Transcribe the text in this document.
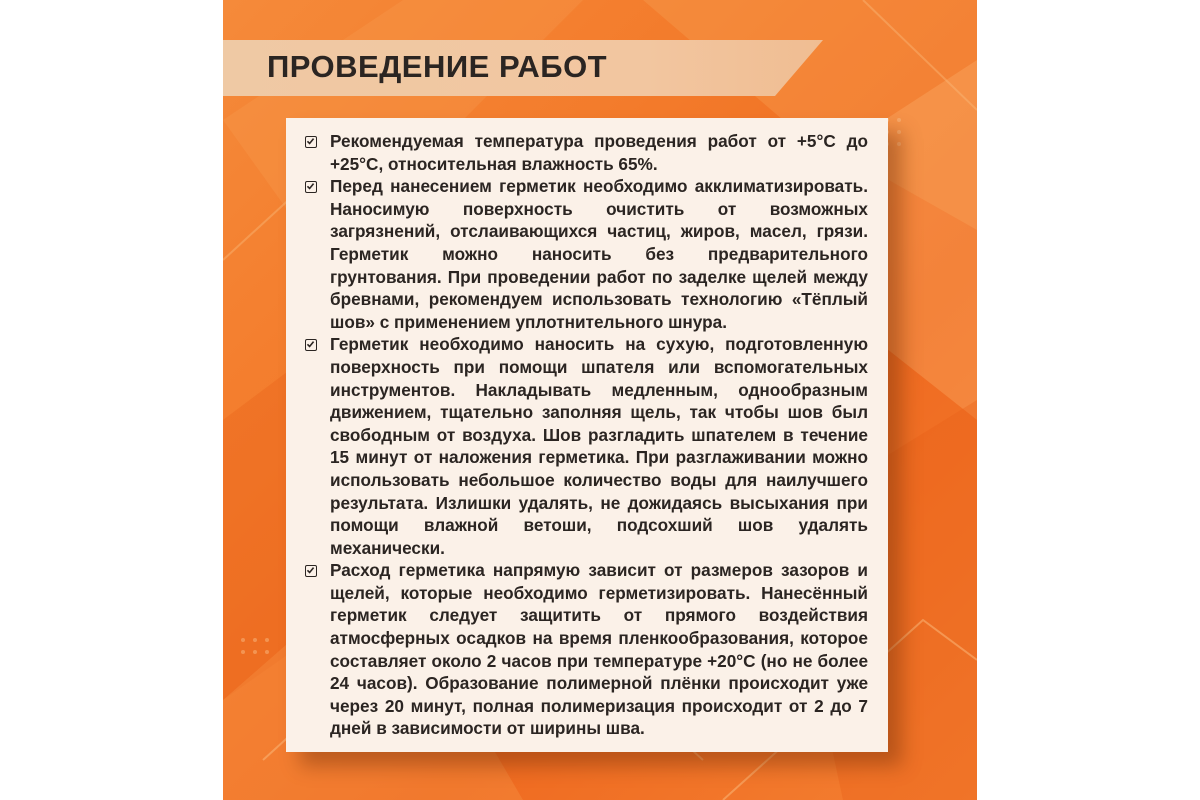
ПРОВЕДЕНИЕ РАБОТ
Рекомендуемая температура проведения работ от +5°С до +25°С, относительная влажность 65%.
Перед нанесением герметик необходимо акклиматизировать. Наносимую поверхность очистить от возможных загрязнений, отслаивающихся частиц, жиров, масел, грязи. Герметик можно наносить без предварительного грунтования. При проведении работ по заделке щелей между бревнами, рекомендуем использовать технологию «Тёплый шов» с применением уплотнительного шнура.
Герметик необходимо наносить на сухую, подготовленную поверхность при помощи шпателя или вспомогательных инструментов. Накладывать медленным, однообразным движением, тщательно заполняя щель, так чтобы шов был свободным от воздуха. Шов разгладить шпателем в течение 15 минут от наложения герметика. При разглаживании можно использовать небольшое количество воды для наилучшего результата. Излишки удалять, не дожидаясь высыхания при помощи влажной ветоши, подсохший шов удалять механически.
Расход герметика напрямую зависит от размеров зазоров и щелей, которые необходимо герметизировать. Нанесённый герметик следует защитить от прямого воздействия атмосферных осадков на время пленкообразования, которое составляет около 2 часов при температуре +20°С (но не более 24 часов). Образование полимерной плёнки происходит уже через 20 минут, полная полимеризация происходит от 2 до 7 дней в зависимости от ширины шва.
